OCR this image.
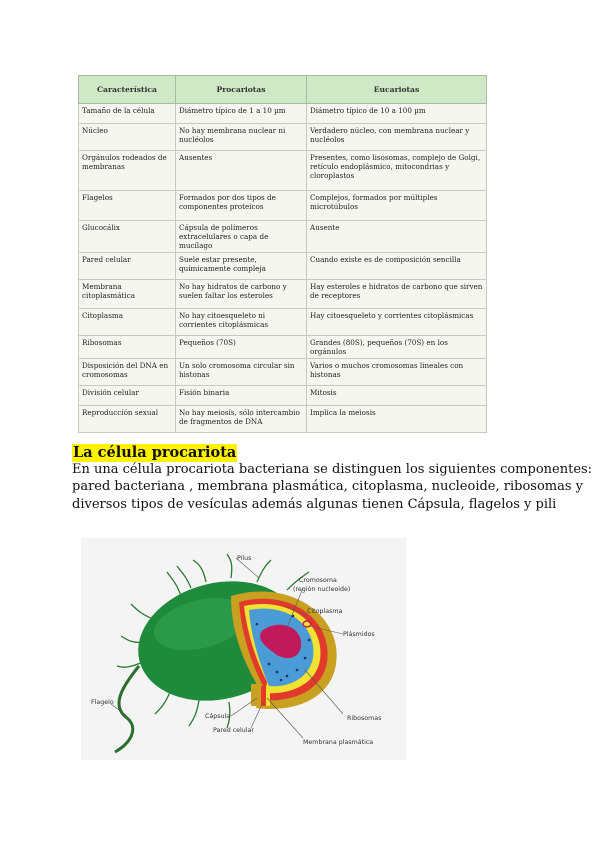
Característica	Procariotas	Eucariotas
Tamaño de la célula	Diámetro típico de 1 a 10 µm	Diámetro típico de 10 a 100 µm
Núcleo	No hay membrana nuclear ni nucléolos	Verdadero núcleo, con membrana nuclear y nucléolos
Orgánulos rodeados de membranas	Ausentes	Presentes, como lisosomas, complejo de Golgi, retículo endoplásmico, mitocondrias y cloroplastos
Flagelos	Formados por dos tipos de componentes proteicos	Complejos, formados por múltiples microtúbulos
Glucocálix	Cápsula de polímeros extracelulares o capa de mucílago	Ausente
Pared celular	Suele estar presente, químicamente compleja	Cuando existe es de composición sencilla
Membrana citoplasmática	No hay hidratos de carbono y suelen faltar los esteroles	Hay esteroles e hidratos de carbono que sirven de receptores
Citoplasma	No hay citoesqueleto ni corrientes citoplásmicas	Hay citoesqueleto y corrientes citoplásmicas
Ribosomas	Pequeños (70S)	Grandes (80S), pequeños (70S) en los orgánulos
Disposición del DNA en cromosomas	Un solo cromosoma circular sin histonas	Varios o muchos cromosomas lineales con histonas
División celular	Fisión binaria	Mitosis
Reproducción sexual	No hay meiosis, sólo intercambio de fragmentos de DNA	Implica la meiosis
La célula procariota

En una célula procariota bacteriana se distinguen los siguientes componentes:
pared bacteriana , membrana plasmática, citoplasma, nucleoide, ribosomas y
diversos tipos de vesículas además algunas tienen Cápsula, flagelos y pili

Pilus
Cromosoma
(región nucleoide)
Citoplasma
Plásmidos
Flagelo
Cápsula
Pared celular
Membrana plasmática
Ribosomas
